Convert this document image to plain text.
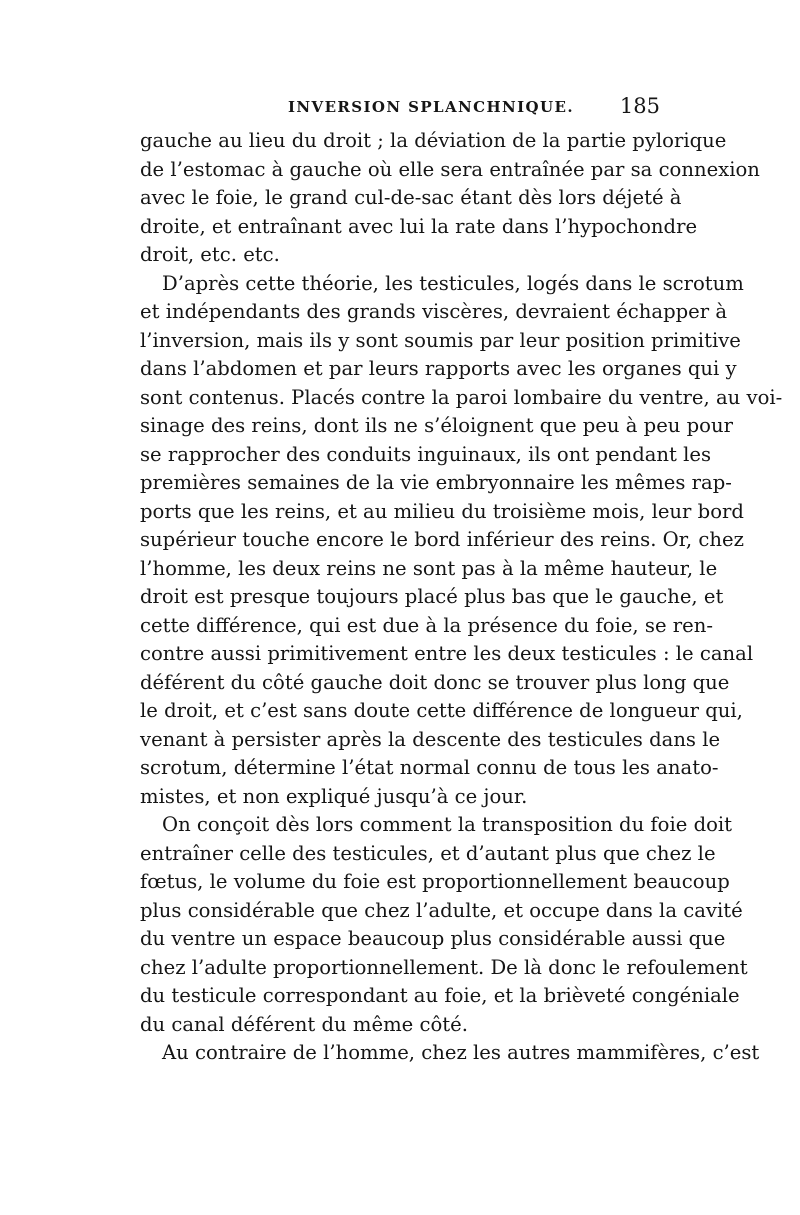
INVERSION SPLANCHNIQUE. 185
gauche au lieu du droit ; la déviation de la partie pylorique
de l’estomac à gauche où elle sera entraînée par sa connexion
avec le foie, le grand cul-de-sac étant dès lors déjeté à
droite, et entraînant avec lui la rate dans l’hypochondre
droit, etc. etc.
D’après cette théorie, les testicules, logés dans le scrotum
et indépendants des grands viscères, devraient échapper à
l’inversion, mais ils y sont soumis par leur position primitive
dans l’abdomen et par leurs rapports avec les organes qui y
sont contenus. Placés contre la paroi lombaire du ventre, au voi-
sinage des reins, dont ils ne s’éloignent que peu à peu pour
se rapprocher des conduits inguinaux, ils ont pendant les
premières semaines de la vie embryonnaire les mêmes rap-
ports que les reins, et au milieu du troisième mois, leur bord
supérieur touche encore le bord inférieur des reins. Or, chez
l’homme, les deux reins ne sont pas à la même hauteur, le
droit est presque toujours placé plus bas que le gauche, et
cette différence, qui est due à la présence du foie, se ren-
contre aussi primitivement entre les deux testicules : le canal
déférent du côté gauche doit donc se trouver plus long que
le droit, et c’est sans doute cette différence de longueur qui,
venant à persister après la descente des testicules dans le
scrotum, détermine l’état normal connu de tous les anato-
mistes, et non expliqué jusqu’à ce jour.
On conçoit dès lors comment la transposition du foie doit
entraîner celle des testicules, et d’autant plus que chez le
fœtus, le volume du foie est proportionnellement beaucoup
plus considérable que chez l’adulte, et occupe dans la cavité
du ventre un espace beaucoup plus considérable aussi que
chez l’adulte proportionnellement. De là donc le refoulement
du testicule correspondant au foie, et la brièveté congéniale
du canal déférent du même côté.
Au contraire de l’homme, chez les autres mammifères, c’est
